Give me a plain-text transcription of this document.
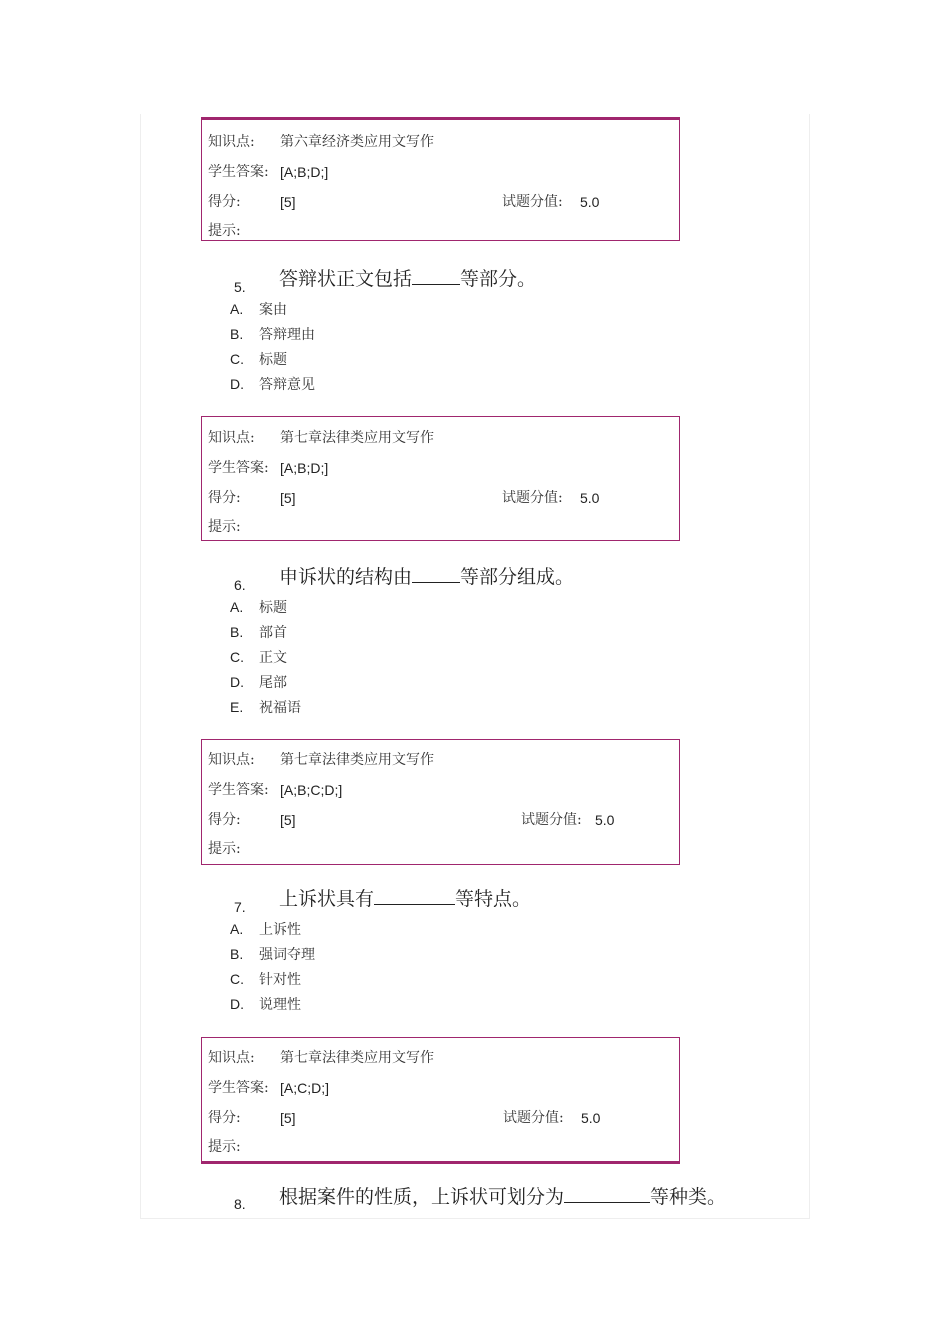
知识点: 第六章经济类应用文写作
学生答案: [A;B;D;]
得分:	[5]	试题分值: 5.0
提示:
5. 答辩状正文包括	等部分。
A. 案由
B. 答辩理由
C. 标题
D. 答辩意见
知识点: 第七章法律类应用文写作
学生答案: [A;B;D;]
得分:	[5]	试题分值: 5.0
提示:
6. 申诉状的结构由	等部分组成。
A. 标题
B. 部首
C. 正文
D. 尾部
E. 祝福语
知识点: 第七章法律类应用文写作
学生答案: [A;B;C;D;]
得分:	[5]	试题分值: 5.0
提示:
7. 上诉状具有	等特点。
A. 上诉性
B. 强词夺理
C. 针对性
D. 说理性
知识点: 第七章法律类应用文写作
学生答案: [A;C;D;]
得分:	[5]	试题分值: 5.0
提示:
8. 根据案件的性质，上诉状可划分为	等种类。
